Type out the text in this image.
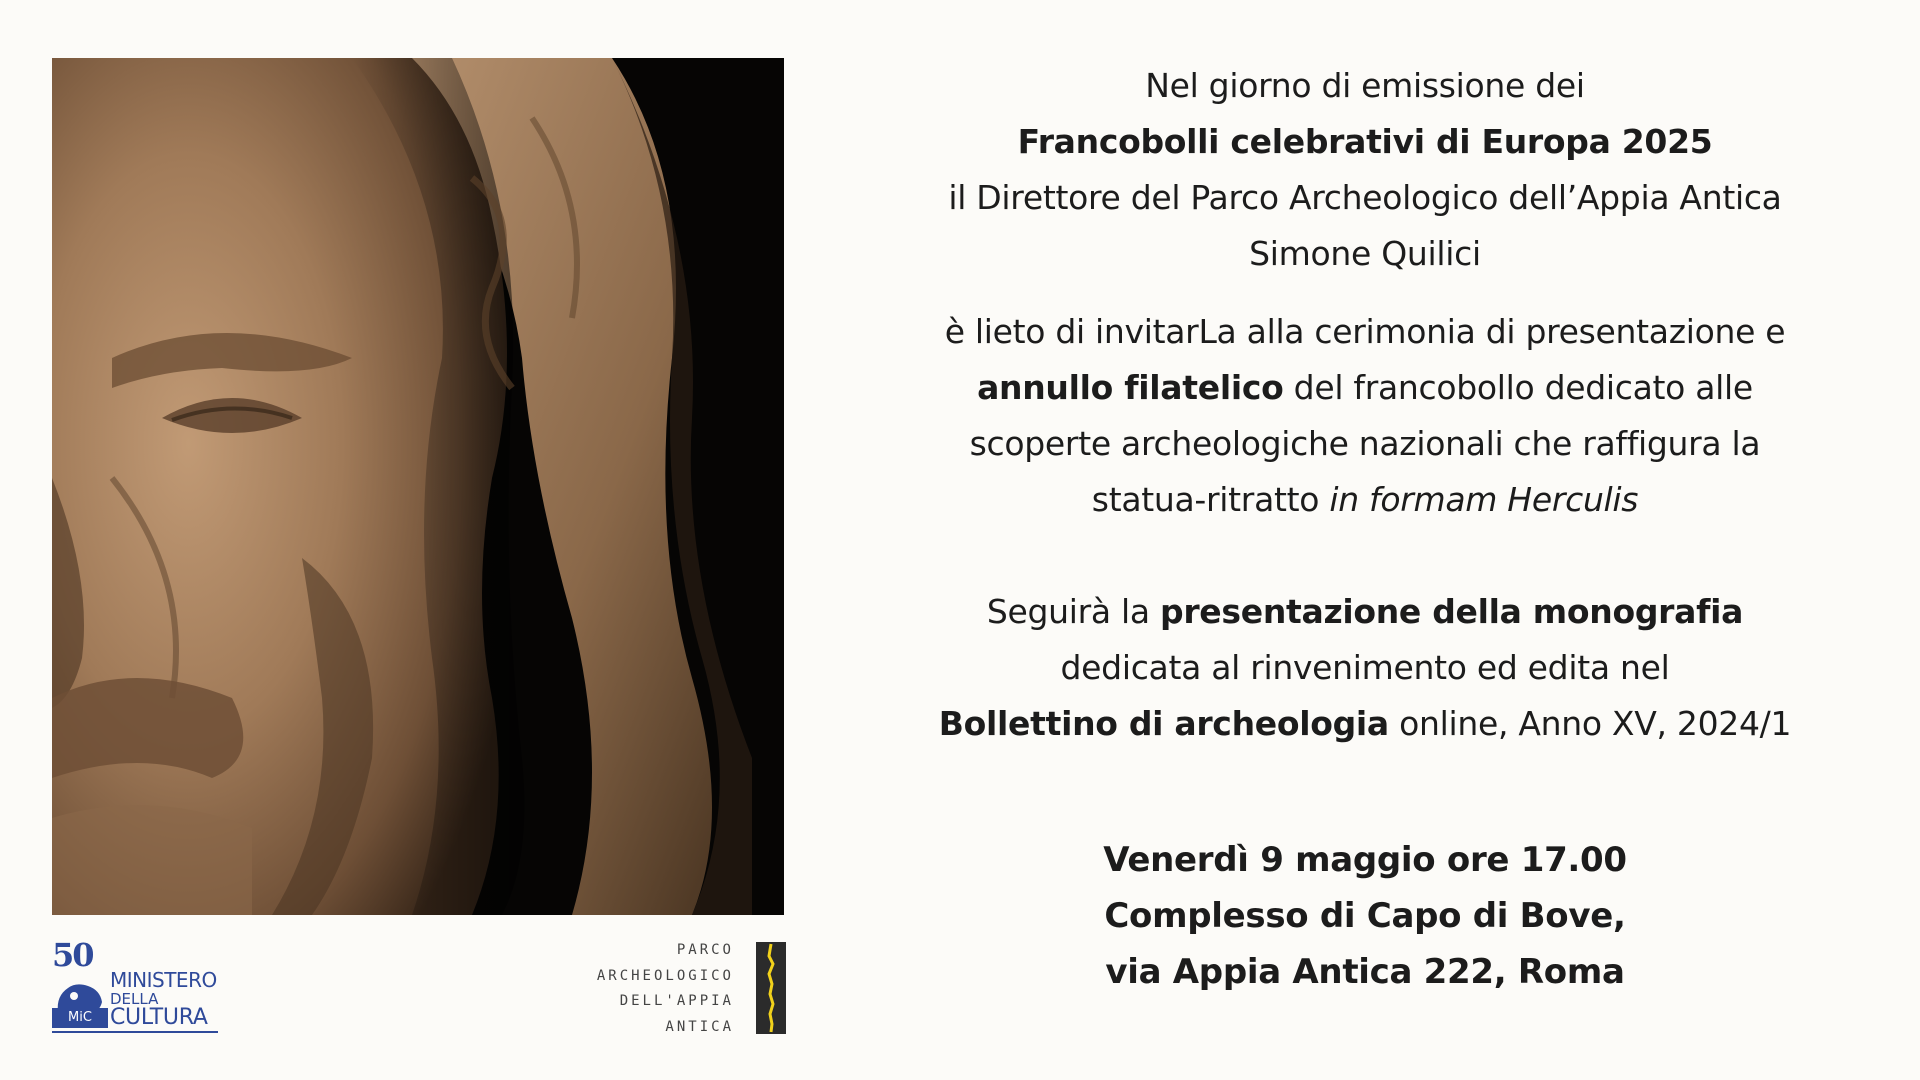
50
MiC
MINISTERO
DELLA
CULTURA
PARCO
ARCHEOLOGICO
DELL'APPIA
ANTICA

Nel giorno di emissione dei

Francobolli celebrativi di Europa 2025

il Direttore del Parco Archeologico dell’Appia Antica

Simone Quilici

è lieto di invitarLa alla cerimonia di presentazione e

annullo filatelico del francobollo dedicato alle

scoperte archeologiche nazionali che raffigura la

statua-ritratto in formam Herculis

Seguirà la presentazione della monografia

dedicata al rinvenimento ed edita nel

Bollettino di archeologia online, Anno XV, 2024/1

Venerdì 9 maggio ore 17.00

Complesso di Capo di Bove,

via Appia Antica 222, Roma
